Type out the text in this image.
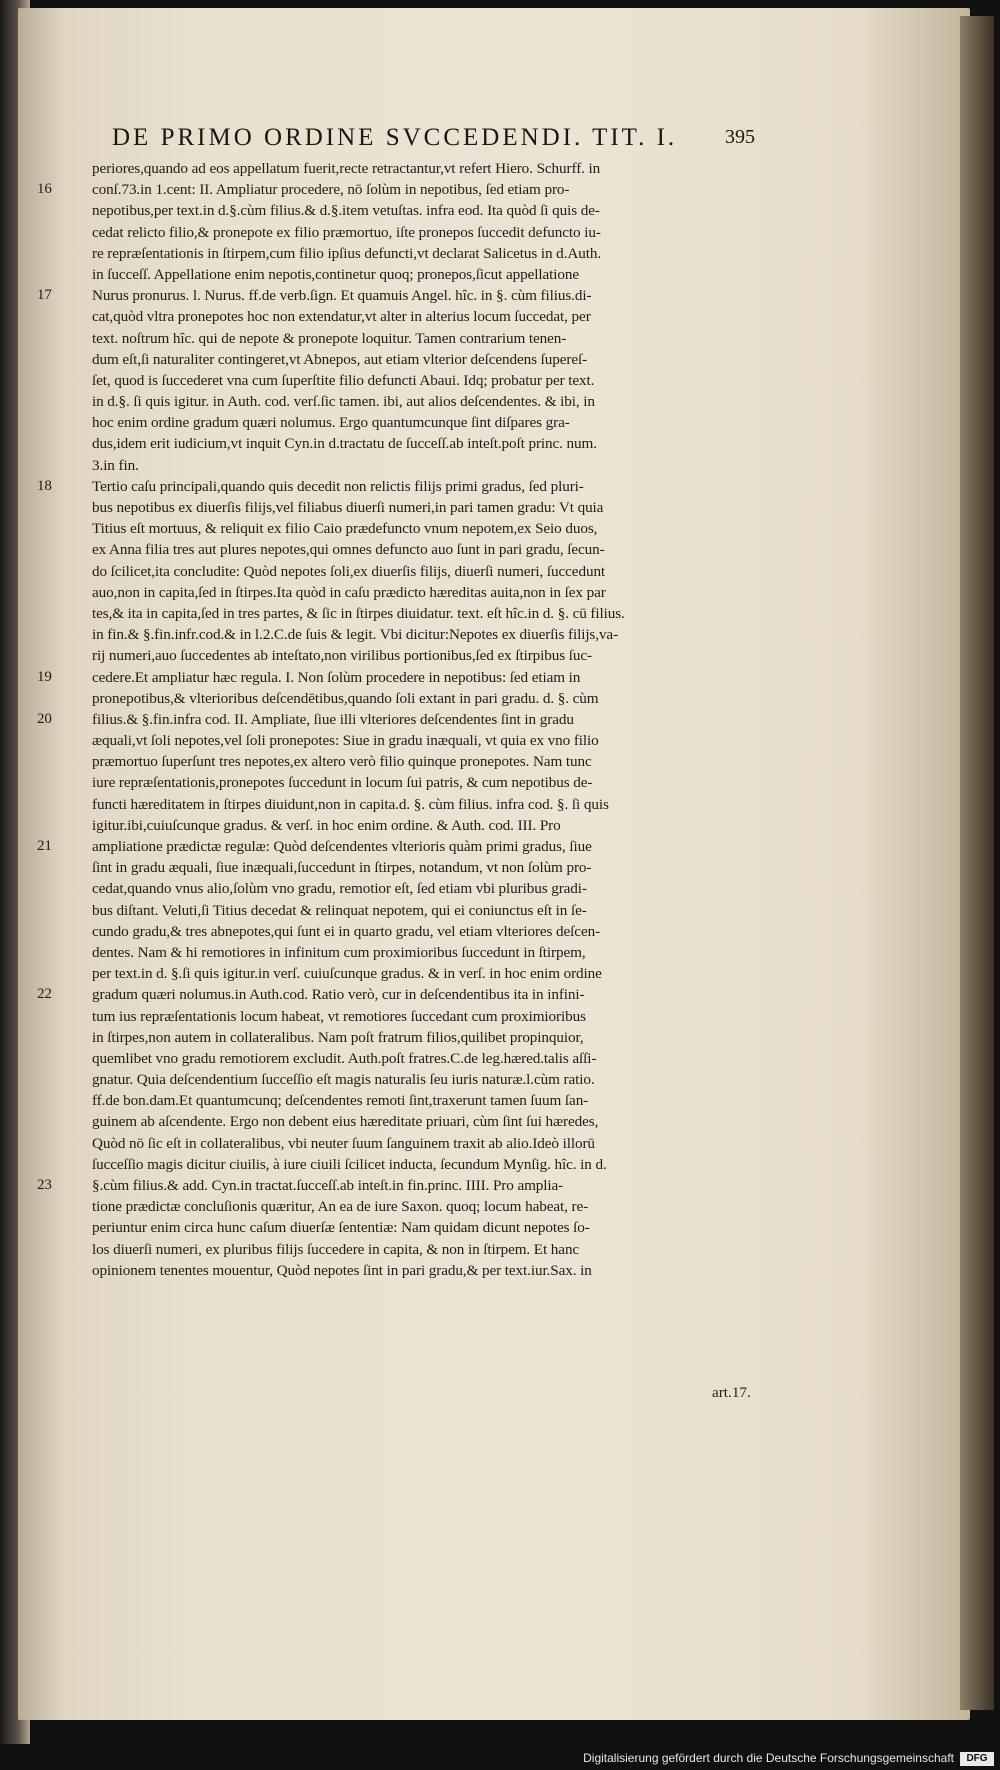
DE PRIMO ORDINE SVCCEDENDI. TIT. I.	395
periores,quando ad eos appellatum fuerit,recte retractantur,vt refert Hiero. Schurff. in
16	conſ.73.in 1.cent: II. Ampliatur procedere, nō ſolùm in nepotibus, ſed etiam pro-
nepotibus,per text.in d.§.cùm filius.& d.§.item vetuſtas. infra eod. Ita quòd ſi quis de-
cedat relicto filio,& pronepote ex filio præmortuo, iſte pronepos ſuccedit defuncto iu-
re repræſentationis in ſtirpem,cum filio ipſius defuncti,vt declarat Salicetus in d.Auth.
in ſucceſſ. Appellatione enim nepotis,continetur quoq; pronepos,ſicut appellatione
17	Nurus pronurus. l. Nurus. ff.de verb.ſign. Et quamuis Angel. hîc. in §. cùm filius.di-
cat,quòd vltra pronepotes hoc non extendatur,vt alter in alterius locum ſuccedat, per
text. noſtrum hîc. qui de nepote & pronepote loquitur. Tamen contrarium tenen-
dum eſt,ſi naturaliter contingeret,vt Abnepos, aut etiam vlterior deſcendens ſupereſ-
ſet, quod is ſuccederet vna cum ſuperſtite filio defuncti Abaui. Idq; probatur per text.
in d.§. ſi quis igitur. in Auth. cod. verſ.ſic tamen. ibi, aut alios deſcendentes. & ibi, in
hoc enim ordine gradum quæri nolumus. Ergo quantumcunque ſint diſpares gra-
dus,idem erit iudicium,vt inquit Cyn.in d.tractatu de ſucceſſ.ab inteſt.poſt princ. num.
3.in fin.
18	Tertio caſu principali,quando quis decedit non relictis filijs primi gradus, ſed pluri-
bus nepotibus ex diuerſis filijs,vel filiabus diuerſi numeri,in pari tamen gradu: Vt quia
Titius eſt mortuus, & reliquit ex filio Caio prædefuncto vnum nepotem,ex Seio duos,
ex Anna filia tres aut plures nepotes,qui omnes defuncto auo ſunt in pari gradu, ſecun-
do ſcilicet,ita concludite: Quòd nepotes ſoli,ex diuerſis filijs, diuerſi numeri, ſuccedunt
auo,non in capita,ſed in ſtirpes.Ita quòd in caſu prædicto hæreditas auita,non in ſex par
tes,& ita in capita,ſed in tres partes, & ſic in ſtirpes diuidatur. text. eſt hîc.in d. §. cū filius.
in fin.& §.fin.infr.cod.& in l.2.C.de ſuis & legit. Vbi dicitur:Nepotes ex diuerſis filijs,va-
rij numeri,auo ſuccedentes ab inteſtato,non virilibus portionibus,ſed ex ſtirpibus ſuc-
19	cedere.Et ampliatur hæc regula. I. Non ſolùm procedere in nepotibus: ſed etiam in
pronepotibus,& vlterioribus deſcendētibus,quando ſoli extant in pari gradu. d. §. cùm
20	filius.& §.fin.infra cod. II. Ampliate, ſiue illi vlteriores deſcendentes ſint in gradu
æquali,vt ſoli nepotes,vel ſoli pronepotes: Siue in gradu inæquali, vt quia ex vno filio
præmortuo ſuperſunt tres nepotes,ex altero verò filio quinque pronepotes. Nam tunc
iure repræſentationis,pronepotes ſuccedunt in locum ſui patris, & cum nepotibus de-
functi hæreditatem in ſtirpes diuidunt,non in capita.d. §. cùm filius. infra cod. §. ſi quis
igitur.ibi,cuiuſcunque gradus. & verſ. in hoc enim ordine. & Auth. cod. III. Pro
21	ampliatione prædictæ regulæ: Quòd deſcendentes vlterioris quàm primi gradus, ſiue
ſint in gradu æquali, ſiue inæquali,ſuccedunt in ſtirpes, notandum, vt non ſolùm pro-
cedat,quando vnus alio,ſolùm vno gradu, remotior eſt, ſed etiam vbi pluribus gradi-
bus diſtant. Veluti,ſi Titius decedat & relinquat nepotem, qui ei coniunctus eſt in ſe-
cundo gradu,& tres abnepotes,qui ſunt ei in quarto gradu, vel etiam vlteriores deſcen-
dentes. Nam & hi remotiores in infinitum cum proximioribus ſuccedunt in ſtirpem,
per text.in d. §.ſi quis igitur.in verſ. cuiuſcunque gradus. & in verſ. in hoc enim ordine
22	gradum quæri nolumus.in Auth.cod. Ratio verò, cur in deſcendentibus ita in infini-
tum ius repræſentationis locum habeat, vt remotiores ſuccedant cum proximioribus
in ſtirpes,non autem in collateralibus. Nam poſt fratrum filios,quilibet propinquior,
quemlibet vno gradu remotiorem excludit. Auth.poſt fratres.C.de leg.hæred.talis aſſi-
gnatur. Quia deſcendentium ſucceſſio eſt magis naturalis ſeu iuris naturæ.l.cùm ratio.
ff.de bon.dam.Et quantumcunq; deſcendentes remoti ſint,traxerunt tamen ſuum ſan-
guinem ab aſcendente. Ergo non debent eius hæreditate priuari, cùm ſint ſui hæredes,
Quòd nō ſic eſt in collateralibus, vbi neuter ſuum ſanguinem traxit ab alio.Ideò illorū
ſucceſſio magis dicitur ciuilis, à iure ciuili ſcilicet inducta, ſecundum Mynſig. hîc. in d.
23	§.cùm filius.& add. Cyn.in tractat.ſucceſſ.ab inteſt.in fin.princ. IIII. Pro amplia-
tione prædictæ concluſionis quæritur, An ea de iure Saxon. quoq; locum habeat, re-
periuntur enim circa hunc caſum diuerſæ ſententiæ: Nam quidam dicunt nepotes ſo-
los diuerſi numeri, ex pluribus filijs ſuccedere in capita, & non in ſtirpem. Et hanc
opinionem tenentes mouentur, Quòd nepotes ſint in pari gradu,& per text.iur.Sax. in
art.17.
Digitalisierung gefördert durch die Deutsche Forschungsgemeinschaft	DFG
